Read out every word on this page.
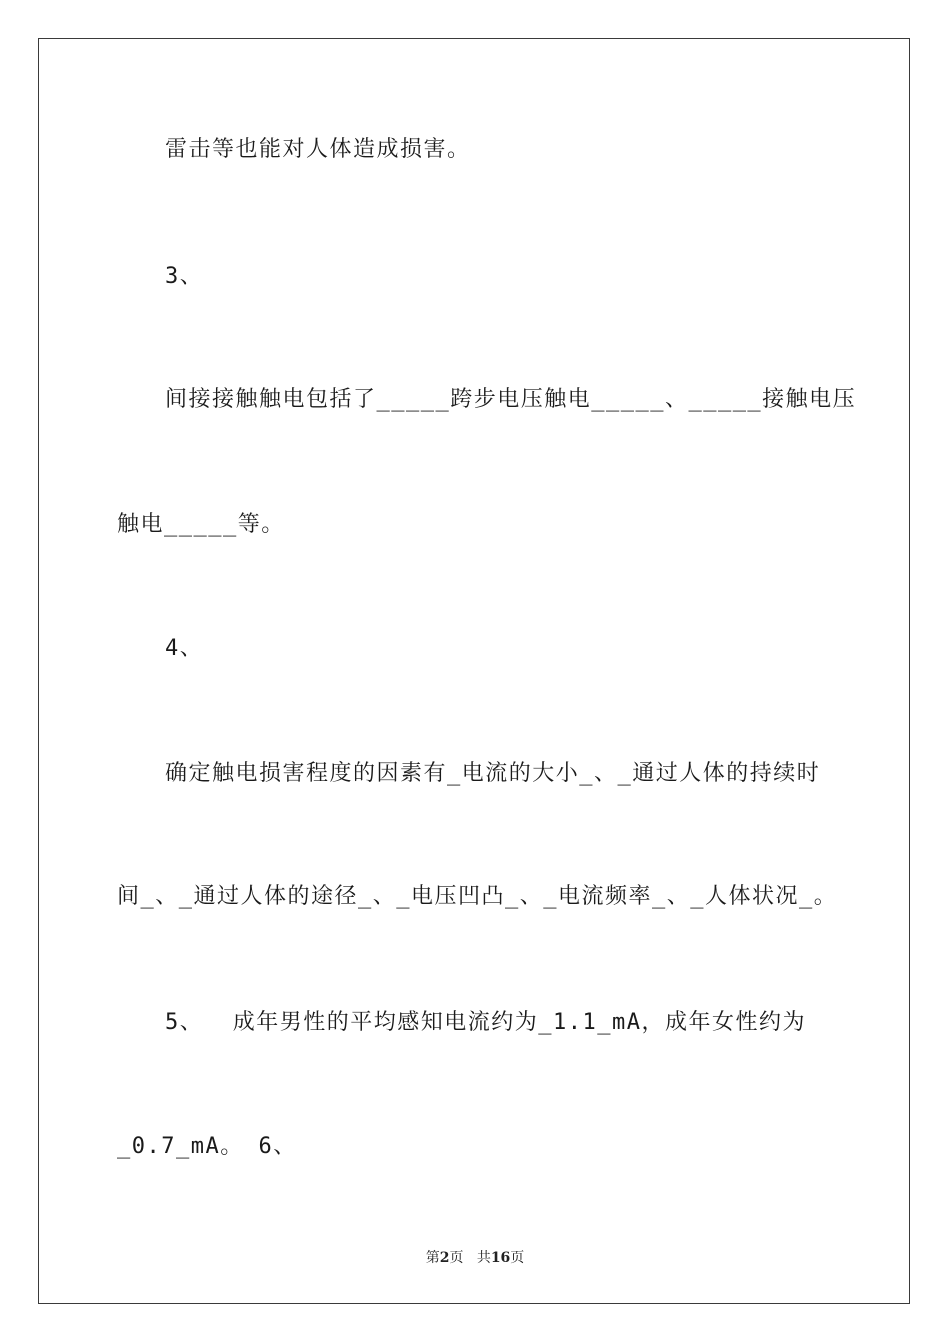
雷击等也能对人体造成损害。
3、
间接接触触电包括了_____跨步电压触电_____、_____接触电压
触电_____等。
4、
确定触电损害程度的因素有_电流的大小_、_通过人体的持续时
间_、_通过人体的途径_、_电压凹凸_、_电流频率_、_人体状况_。
5、  成年男性的平均感知电流约为_1.1_mA，成年女性约为
_0.7_mA。 6、
第2页 共16页
